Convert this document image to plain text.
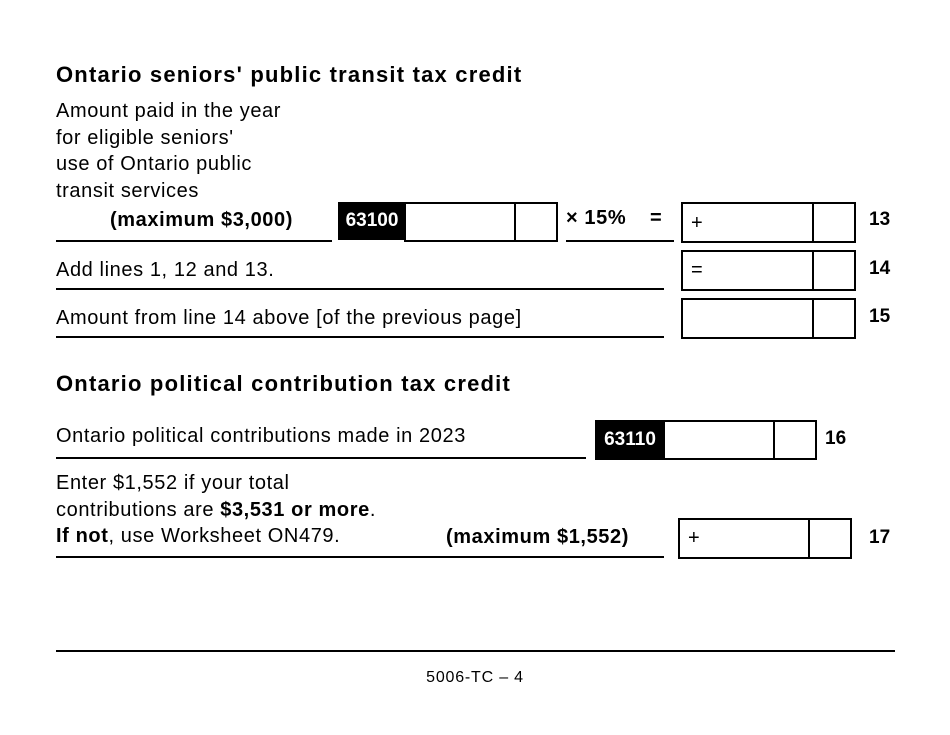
Ontario seniors' public transit tax credit
Amount paid in the year
for eligible seniors'
use of Ontario public
transit services
(maximum $3,000)	63100	× 15% = +	13
Add lines 1, 12 and 13.	=	14
Amount from line 14 above [of the previous page]	15
Ontario political contribution tax credit
Ontario political contributions made in 2023	63110	16
Enter $1,552 if your total
contributions are $3,531 or more.
If not, use Worksheet ON479.	(maximum $1,552)	+	17
5006-TC – 4
